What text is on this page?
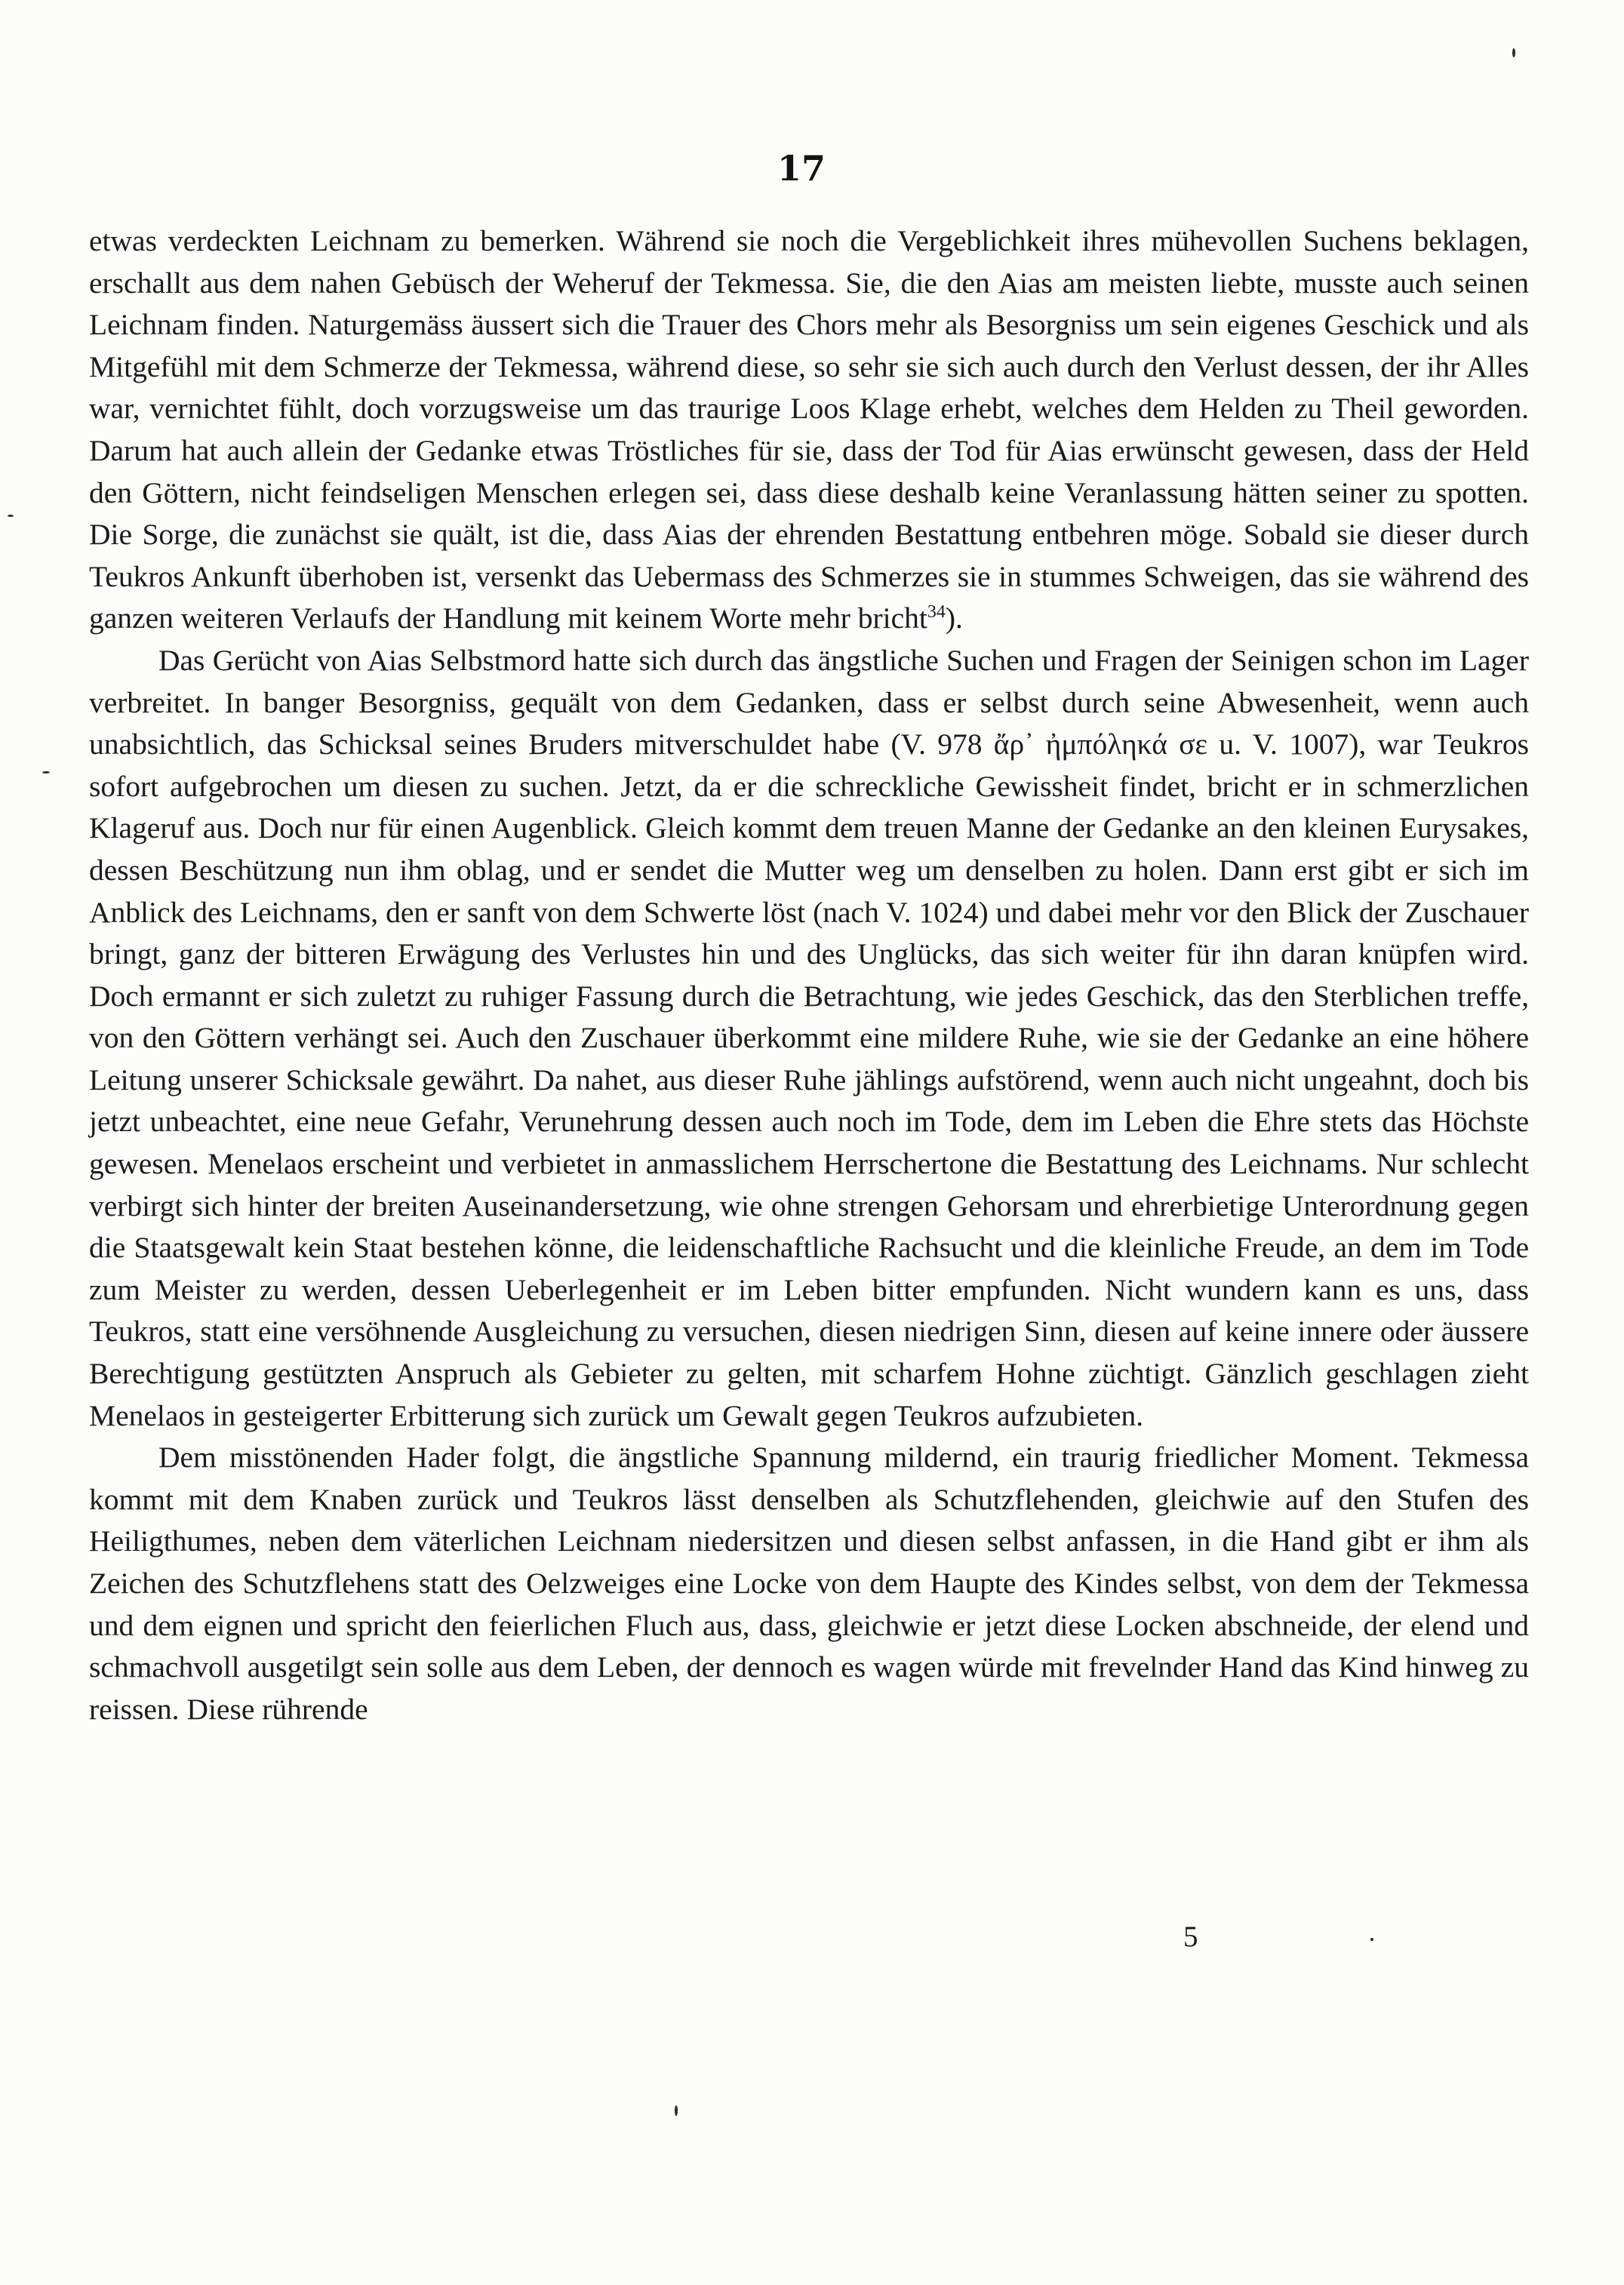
17

etwas verdeckten Leichnam zu bemerken. Während sie noch die Vergeblichkeit ihres mühevollen Suchens beklagen, erschallt aus dem nahen Gebüsch der Weheruf der Tekmessa. Sie, die den Aias am meisten liebte, musste auch seinen Leichnam finden. Naturgemäss äussert sich die Trauer des Chors mehr als Besorgniss um sein eigenes Geschick und als Mitgefühl mit dem Schmerze der Tekmessa, während diese, so sehr sie sich auch durch den Verlust dessen, der ihr Alles war, vernichtet fühlt, doch vorzugsweise um das traurige Loos Klage erhebt, welches dem Helden zu Theil geworden. Darum hat auch allein der Gedanke etwas Tröstliches für sie, dass der Tod für Aias erwünscht gewesen, dass der Held den Göttern, nicht feindseligen Menschen erlegen sei, dass diese deshalb keine Veranlassung hätten seiner zu spotten. Die Sorge, die zunächst sie quält, ist die, dass Aias der ehrenden Bestattung entbehren möge. Sobald sie dieser durch Teukros Ankunft überhoben ist, versenkt das Uebermass des Schmerzes sie in stummes Schweigen, das sie während des ganzen weiteren Verlaufs der Handlung mit keinem Worte mehr bricht$^{34}$).

Das Gerücht von Aias Selbstmord hatte sich durch das ängstliche Suchen und Fragen der Seinigen schon im Lager verbreitet. In banger Besorgniss, gequält von dem Gedanken, dass er selbst durch seine Abwesenheit, wenn auch unabsichtlich, das Schicksal seines Bruders mitverschuldet habe (V. 978 ἄρ᾽ ἠμπόληκά σε u. V. 1007), war Teukros sofort aufgebrochen um diesen zu suchen. Jetzt, da er die schreckliche Gewissheit findet, bricht er in schmerzlichen Klageruf aus. Doch nur für einen Augenblick. Gleich kommt dem treuen Manne der Gedanke an den kleinen Eurysakes, dessen Beschützung nun ihm oblag, und er sendet die Mutter weg um denselben zu holen. Dann erst gibt er sich im Anblick des Leichnams, den er sanft von dem Schwerte löst (nach V. 1024) und dabei mehr vor den Blick der Zuschauer bringt, ganz der bitteren Erwägung des Verlustes hin und des Unglücks, das sich weiter für ihn daran knüpfen wird. Doch ermannt er sich zuletzt zu ruhiger Fassung durch die Betrachtung, wie jedes Geschick, das den Sterblichen treffe, von den Göttern verhängt sei. Auch den Zuschauer überkommt eine mildere Ruhe, wie sie der Gedanke an eine höhere Leitung unserer Schicksale gewährt. Da nahet, aus dieser Ruhe jählings aufstörend, wenn auch nicht ungeahnt, doch bis jetzt unbeachtet, eine neue Gefahr, Verunehrung dessen auch noch im Tode, dem im Leben die Ehre stets das Höchste gewesen. Menelaos erscheint und verbietet in anmasslichem Herrschertone die Bestattung des Leichnams. Nur schlecht verbirgt sich hinter der breiten Auseinandersetzung, wie ohne strengen Gehorsam und ehrerbietige Unterordnung gegen die Staatsgewalt kein Staat bestehen könne, die leidenschaftliche Rachsucht und die kleinliche Freude, an dem im Tode zum Meister zu werden, dessen Ueberlegenheit er im Leben bitter empfunden. Nicht wundern kann es uns, dass Teukros, statt eine versöhnende Ausgleichung zu versuchen, diesen niedrigen Sinn, diesen auf keine innere oder äussere Berechtigung gestützten Anspruch als Gebieter zu gelten, mit scharfem Hohne züchtigt. Gänzlich geschlagen zieht Menelaos in gesteigerter Erbitterung sich zurück um Gewalt gegen Teukros aufzubieten.

Dem misstönenden Hader folgt, die ängstliche Spannung mildernd, ein traurig friedlicher Moment. Tekmessa kommt mit dem Knaben zurück und Teukros lässt denselben als Schutzflehenden, gleichwie auf den Stufen des Heiligthumes, neben dem väterlichen Leichnam niedersitzen und diesen selbst anfassen, in die Hand gibt er ihm als Zeichen des Schutzflehens statt des Oelzweiges eine Locke von dem Haupte des Kindes selbst, von dem der Tekmessa und dem eignen und spricht den feierlichen Fluch aus, dass, gleichwie er jetzt diese Locken abschneide, der elend und schmachvoll ausgetilgt sein solle aus dem Leben, der dennoch es wagen würde mit frevelnder Hand das Kind hinweg zu reissen. Diese rührende

5
